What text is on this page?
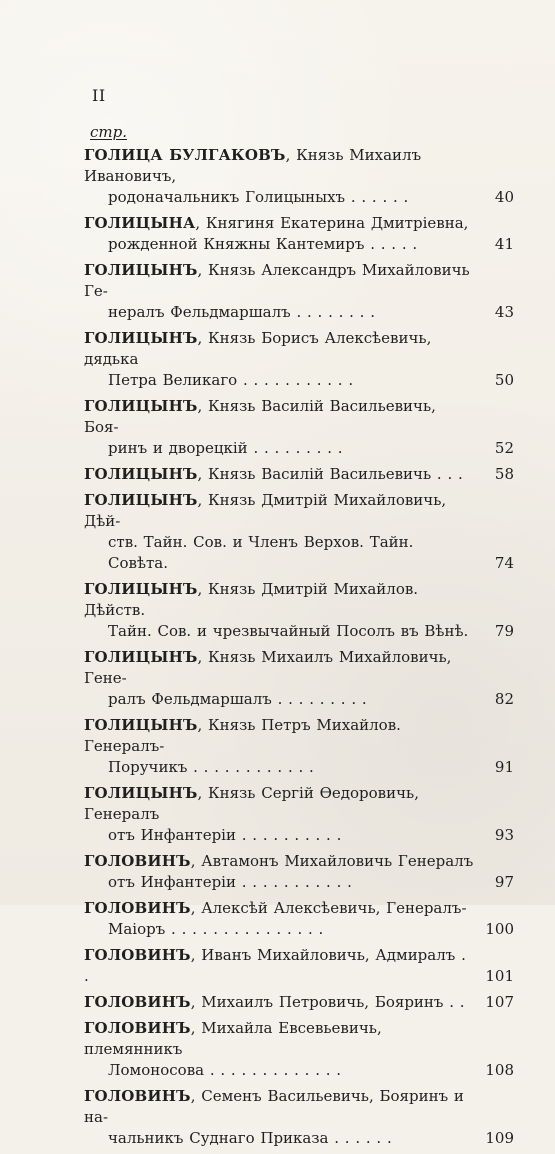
II
стр.
ГОЛИЦА БУЛГАКОВЪ, Князь Михаилъ Ивановичъ,
родоначальникъ Голицыныхъ . . . . . .	40
ГОЛИЦЫНА, Княгиня Екатерина Дмитріевна,
рожденной Княжны Кантемиръ . . . . .	41
ГОЛИЦЫНЪ, Князь Александръ Михайловичь Ге-
нералъ Фельдмаршалъ . . . . . . . .	43
ГОЛИЦЫНЪ, Князь Борисъ Алексѣевичь, дядька
Петра Великаго . . . . . . . . . . .	50
ГОЛИЦЫНЪ, Князь Василій Васильевичь, Боя-
ринъ и дворецкій . . . . . . . . .	52
ГОЛИЦЫНЪ, Князь Василій Васильевичь . . .	58
ГОЛИЦЫНЪ, Князь Дмитрій Михайловичь, Дѣй-
ств. Тайн. Сов. и Членъ Верхов. Тайн. Совѣта.	74
ГОЛИЦЫНЪ, Князь Дмитрій Михайлов. Дѣйств.
Тайн. Сов. и чрезвычайный Посолъ въ Вѣнѣ.	79
ГОЛИЦЫНЪ, Князь Михаилъ Михайловичь, Гене-
ралъ Фельдмаршалъ . . . . . . . . .	82
ГОЛИЦЫНЪ, Князь Петръ Михайлов. Генералъ-
Поручикъ . . . . . . . . . . . .	91
ГОЛИЦЫНЪ, Князь Сергій Ѳедоровичь, Генералъ
отъ Инфантеріи . . . . . . . . . .	93
ГОЛОВИНЪ, Автамонъ Михайловичь Генералъ
отъ Инфантеріи . . . . . . . . . . .	97
ГОЛОВИНЪ, Алексѣй Алексѣевичь, Генералъ-
Маіоръ . . . . . . . . . . . . . . .	100
ГОЛОВИНЪ, Иванъ Михайловичь, Адмиралъ . .	101
ГОЛОВИНЪ, Михаилъ Петровичь, Бояринъ . .	107
ГОЛОВИНЪ, Михайла Евсевьевичь, племянникъ
Ломоносова . . . . . . . . . . . . .	108
ГОЛОВИНЪ, Семенъ Васильевичь, Бояринъ и на-
чальникъ Суднаго Приказа . . . . . .	109
